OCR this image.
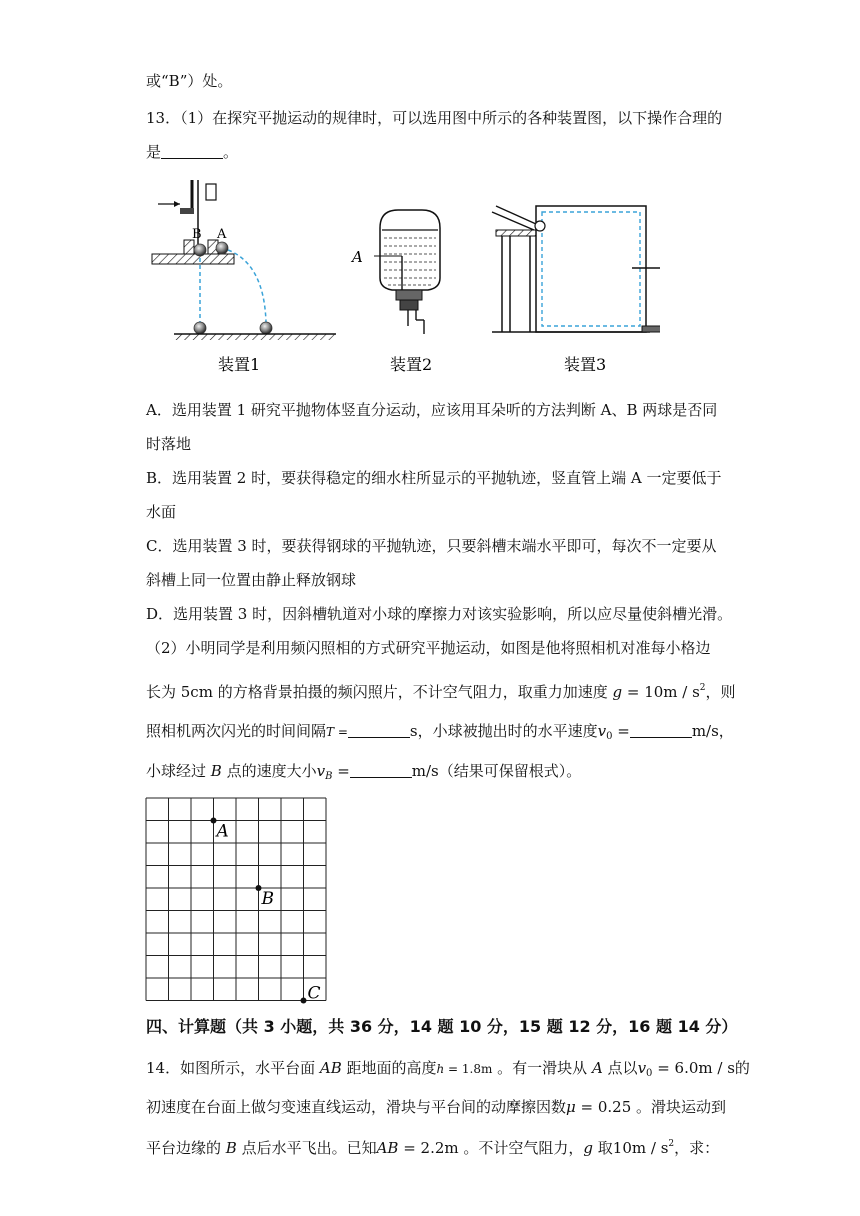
或“B”）处。
13．（1）在探究平抛运动的规律时，可以选用图中所示的各种装置图，以下操作合理的
是	。
B A
装置1
A
装置2	装置3
A．选用装置 1 研究平抛物体竖直分运动，应该用耳朵听的方法判断 A、B 两球是否同
时落地
B．选用装置 2 时，要获得稳定的细水柱所显示的平抛轨迹，竖直管上端 A 一定要低于
水面
C．选用装置 3 时，要获得钢球的平抛轨迹，只要斜槽末端水平即可，每次不一定要从
斜槽上同一位置由静止释放钢球
D．选用装置 3 时，因斜槽轨道对小球的摩擦力对该实验影响，所以应尽量使斜槽光滑。
（2）小明同学是利用频闪照相的方式研究平抛运动，如图是他将照相机对准每小格边
长为 5cm 的方格背景拍摄的频闪照片，不计空气阻力，取重力加速度 $g = 10m / s^2$，则
照相机两次闪光的时间间隔T =	s，小球被抛出时的水平速度$v_0$ =	m/s，
小球经过 B 点的速度大小$v_B$ =	m/s（结果可保留根式）。
A
B
C
四、计算题（共 3 小题，共 36 分，14 题 10 分，15 题 12 分，16 题 14 分）
14．如图所示，水平台面 AB 距地面的高度h = 1.8m 。有一滑块从 A 点以$v_0 = 6.0m / s$的
初速度在台面上做匀变速直线运动，滑块与平台间的动摩擦因数μ = 0.25 。滑块运动到
平台边缘的 B 点后水平飞出。已知AB = 2.2m 。不计空气阻力，g 取$10m / s^2$，求：
